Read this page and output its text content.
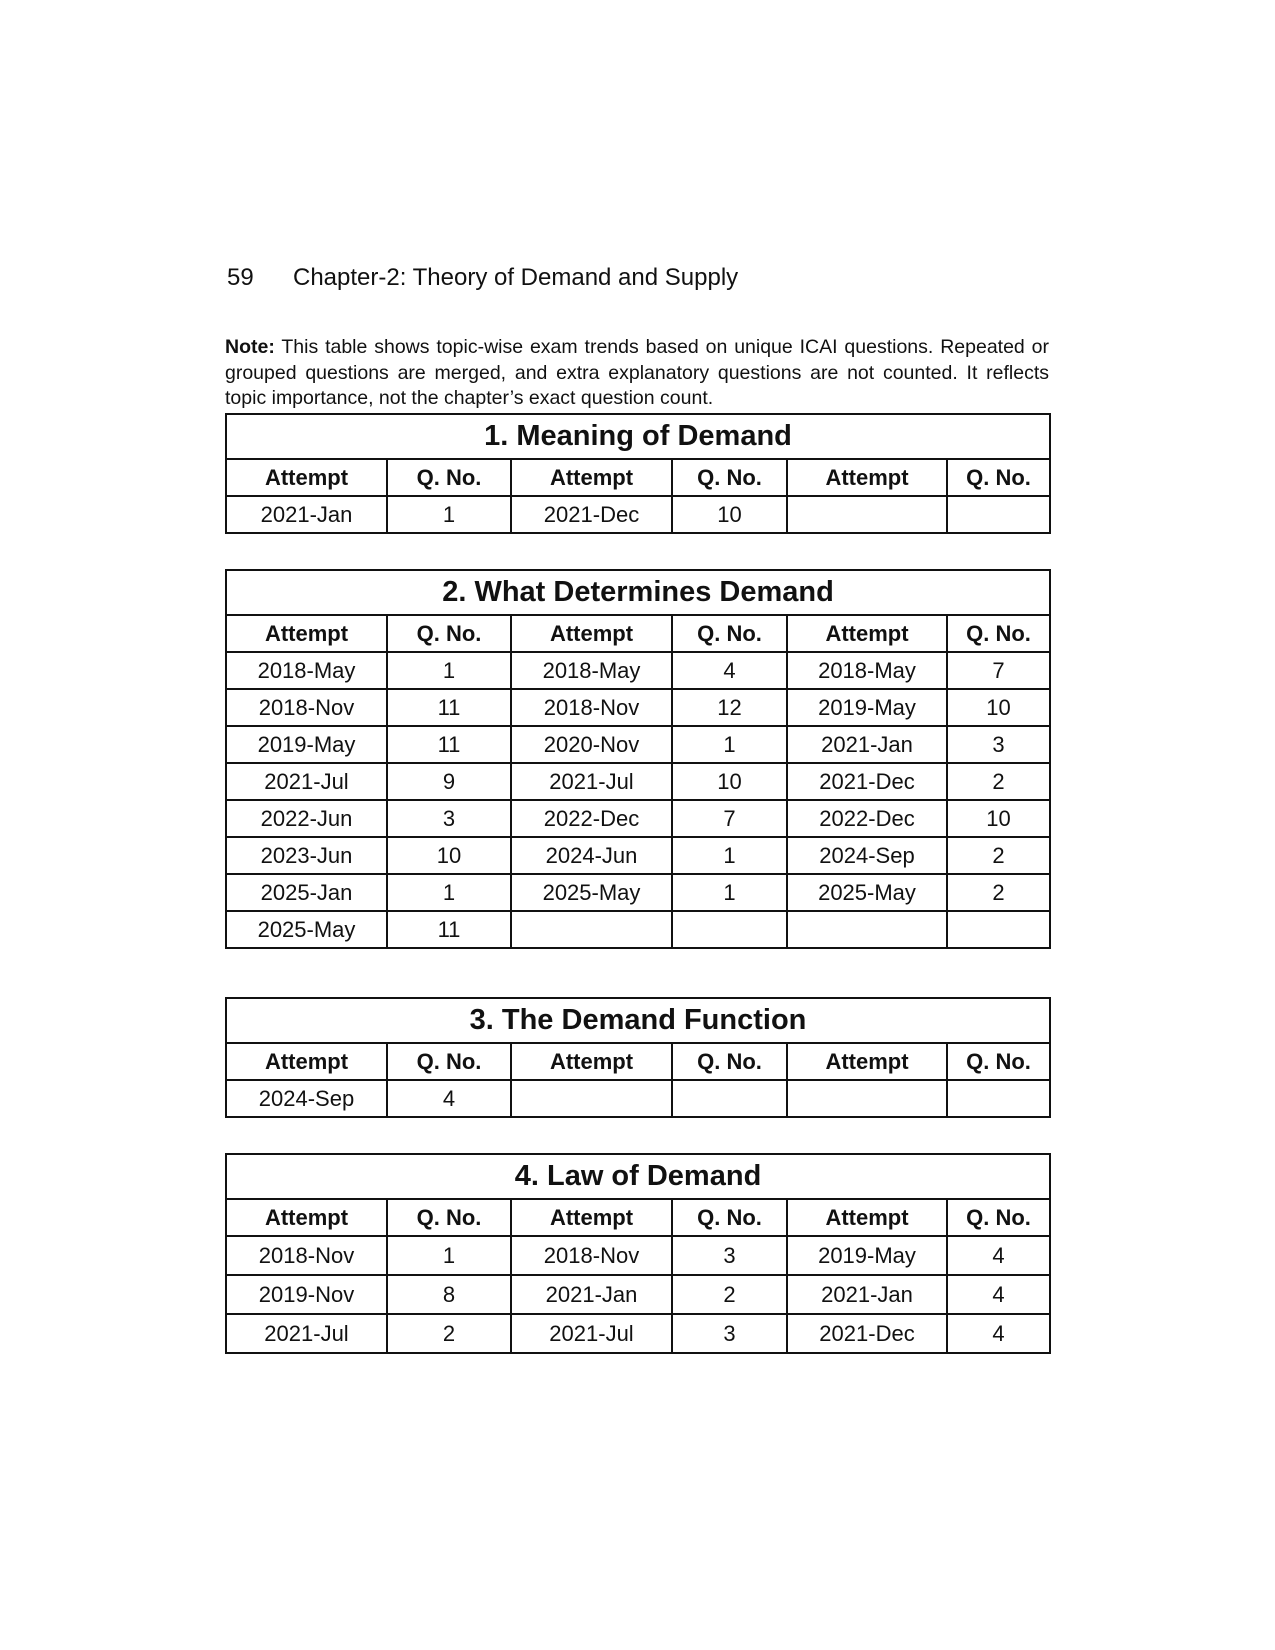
59 Chapter-2: Theory of Demand and Supply
Note: This table shows topic-wise exam trends based on unique ICAI questions. Repeated or grouped questions are merged, and extra explanatory questions are not counted. It reflects topic importance, not the chapter’s exact question count.
1. Meaning of Demand					
Attempt	Q. No.	Attempt	Q. No.	Attempt	Q. No.
2021-Jan	1	2021-Dec	10		
2. What Determines Demand					
Attempt	Q. No.	Attempt	Q. No.	Attempt	Q. No.
2018-May	1	2018-May	4	2018-May	7
2018-Nov	11	2018-Nov	12	2019-May	10
2019-May	11	2020-Nov	1	2021-Jan	3
2021-Jul	9	2021-Jul	10	2021-Dec	2
2022-Jun	3	2022-Dec	7	2022-Dec	10
2023-Jun	10	2024-Jun	1	2024-Sep	2
2025-Jan	1	2025-May	1	2025-May	2
2025-May	11				
3. The Demand Function					
Attempt	Q. No.	Attempt	Q. No.	Attempt	Q. No.
2024-Sep	4				
4. Law of Demand					
Attempt	Q. No.	Attempt	Q. No.	Attempt	Q. No.
2018-Nov	1	2018-Nov	3	2019-May	4
2019-Nov	8	2021-Jan	2	2021-Jan	4
2021-Jul	2	2021-Jul	3	2021-Dec	4
